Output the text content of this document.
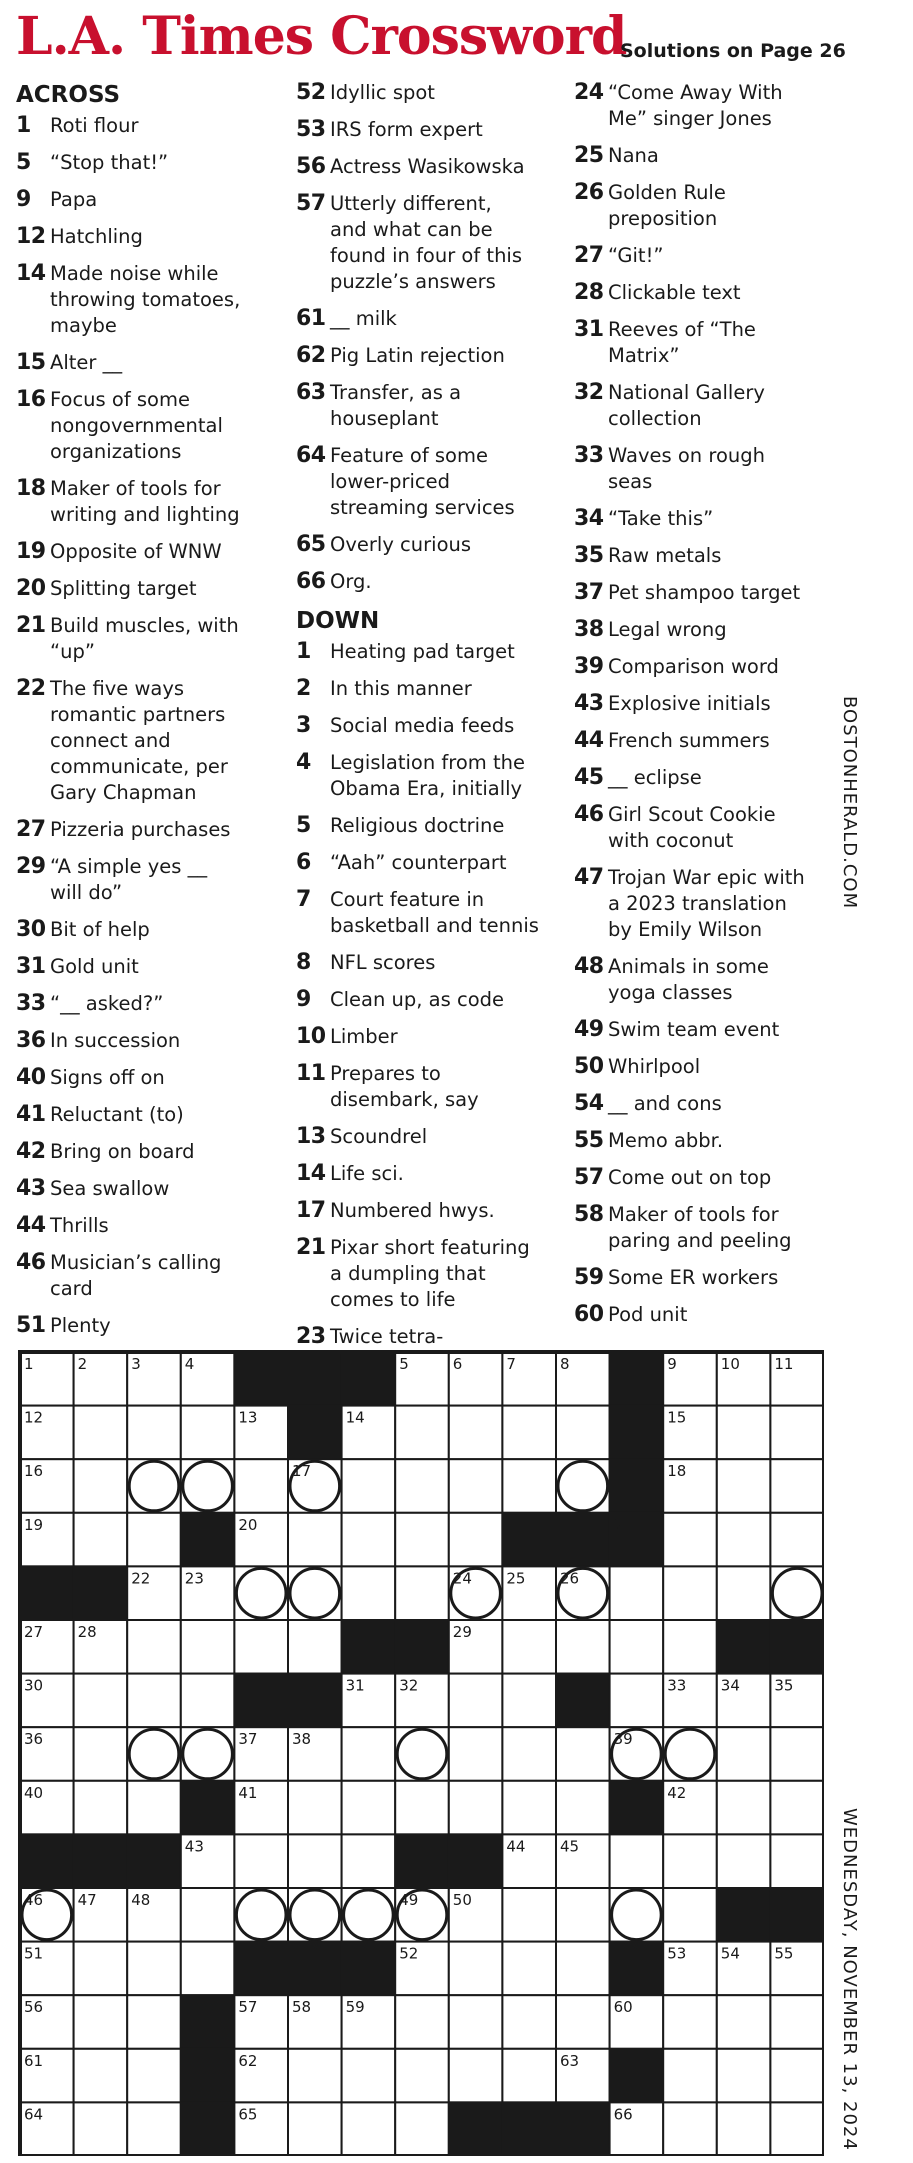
L.A. Times Crossword
Solutions on Page 26
ACROSS
1 Roti flour
5 “Stop that!”
9 Papa
12 Hatchling
14 Made noise while
throwing tomatoes,
maybe
15 Alter __
16 Focus of some
nongovernmental
organizations
18 Maker of tools for
writing and lighting
19 Opposite of WNW
20 Splitting target
21 Build muscles, with
“up”
22 The five ways
romantic partners
connect and
communicate, per
Gary Chapman
27 Pizzeria purchases
29 “A simple yes __
will do”
30 Bit of help
31 Gold unit
33 “__ asked?”
36 In succession
40 Signs off on
41 Reluctant (to)
42 Bring on board
43 Sea swallow
44 Thrills
46 Musician’s calling
card
51 Plenty
52 Idyllic spot
53 IRS form expert
56 Actress Wasikowska
57 Utterly different,
and what can be
found in four of this
puzzle’s answers
61 __ milk
62 Pig Latin rejection
63 Transfer, as a
houseplant
64 Feature of some
lower-priced
streaming services
65 Overly curious
66 Org.
DOWN
1 Heating pad target
2 In this manner
3 Social media feeds
4 Legislation from the
Obama Era, initially
5 Religious doctrine
6 “Aah” counterpart
7 Court feature in
basketball and tennis
8 NFL scores
9 Clean up, as code
10 Limber
11 Prepares to
disembark, say
13 Scoundrel
14 Life sci.
17 Numbered hwys.
21 Pixar short featuring
a dumpling that
comes to life
23 Twice tetra-
24 “Come Away With
Me” singer Jones
25 Nana
26 Golden Rule
preposition
27 “Git!”
28 Clickable text
31 Reeves of “The
Matrix”
32 National Gallery
collection
33 Waves on rough
seas
34 “Take this”
35 Raw metals
37 Pet shampoo target
38 Legal wrong
39 Comparison word
43 Explosive initials
44 French summers
45 __ eclipse
46 Girl Scout Cookie
with coconut
47 Trojan War epic with
a 2023 translation
by Emily Wilson
48 Animals in some
yoga classes
49 Swim team event
50 Whirlpool
54 __ and cons
55 Memo abbr.
57 Come out on top
58 Maker of tools for
paring and peeling
59 Some ER workers
60 Pod unit
BOSTONHERALD.COM
WEDNESDAY, NOVEMBER 13, 2024
1	2	3	4	5	6	7	8	9	10 11
12	13	14	15
16	17	18
19	20	21
22 23	24 25 26
27 28	29
30	31 32	33 34 35
36	37 38	39
40	41	42
43	44 45
46 47 48	49 50
51	52	53 54 55
56	57 58 59	60
61	62	63
64	65	66
